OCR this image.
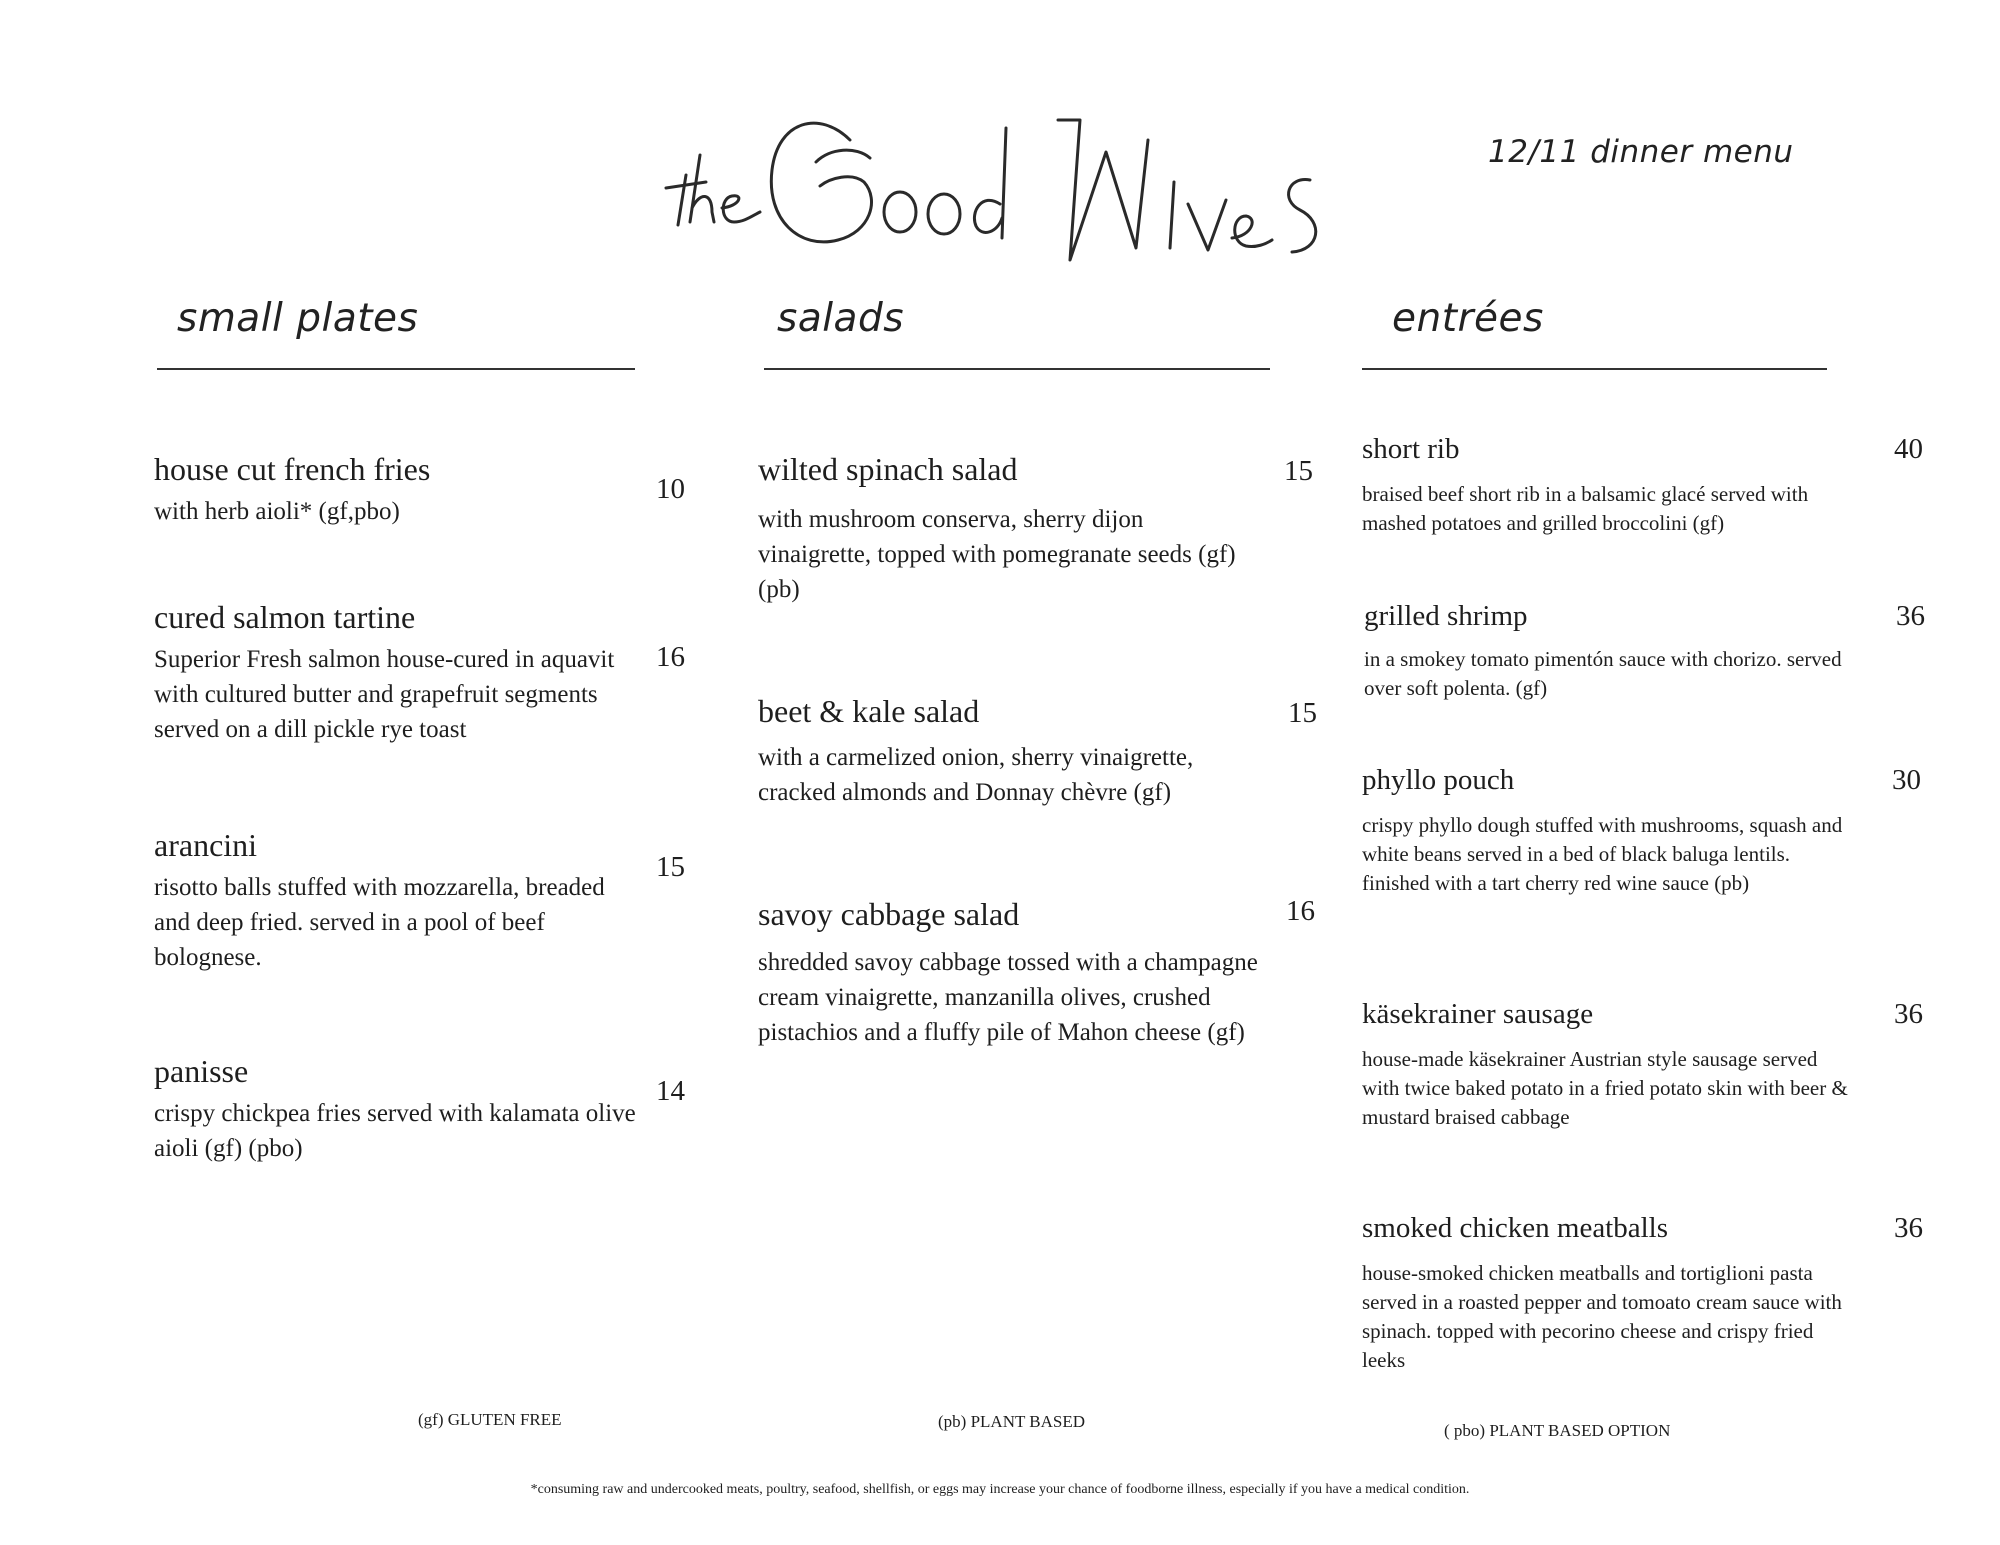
12/11 dinner menu
small plates	salads	entrées
house cut french fries
with herb aioli* (gf,pbo)
10
cured salmon tartine
Superior Fresh salmon house-cured in aquavit with cultured butter and grapefruit segments served on a dill pickle rye toast
16
arancini
risotto balls stuffed with mozzarella, breaded and deep fried. served in a pool of beef bolognese.
15
panisse
crispy chickpea fries served with kalamata olive aioli (gf) (pbo)
14
wilted spinach salad
with mushroom conserva, sherry dijon vinaigrette, topped with pomegranate seeds (gf) (pb)
15
beet & kale salad
with a carmelized onion, sherry vinaigrette, cracked almonds and Donnay chèvre (gf)
15
savoy cabbage salad
shredded savoy cabbage tossed with a champagne cream vinaigrette, manzanilla olives, crushed pistachios and a fluffy pile of Mahon cheese (gf)
16
short rib
braised beef short rib in a balsamic glacé served with mashed potatoes and grilled broccolini (gf)
40
grilled shrimp
in a smokey tomato pimentón sauce with chorizo. served over soft polenta. (gf)
36
phyllo pouch
crispy phyllo dough stuffed with mushrooms, squash and white beans served in a bed of black baluga lentils. finished with a tart cherry red wine sauce (pb)
30
käsekrainer sausage
house-made käsekrainer Austrian style sausage served with twice baked potato in a fried potato skin with beer & mustard braised cabbage
36
smoked chicken meatballs
house-smoked chicken meatballs and tortiglioni pasta served in a roasted pepper and tomoato cream sauce with spinach. topped with pecorino cheese and crispy fried leeks
36
(gf) GLUTEN FREE	(pb) PLANT BASED	( pbo) PLANT BASED OPTION
*consuming raw and undercooked meats, poultry, seafood, shellfish, or eggs may increase your chance of foodborne illness, especially if you have a medical condition.
